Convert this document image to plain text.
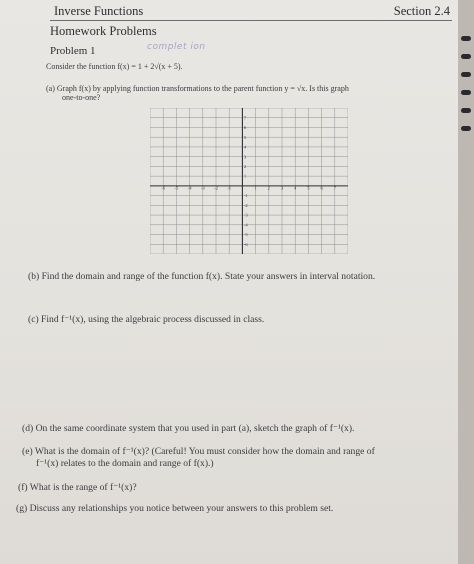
Inverse Functions	Section 2.4
Homework Problems
Problem 1	complet ion
Consider the function f(x) = 1 + 2√(x + 5).
(a) Graph f(x) by applying function transformations to the parent function y = √x. Is this graph
one-to-one?
-6 -5 -4 -3 -2 -1	1 2 3 4 5 6 7
7
6
5
4
3
2
1
-1
-2
-3
-4
-5
-6
(b) Find the domain and range of the function f(x). State your answers in interval notation.
(c) Find f⁻¹(x), using the algebraic process discussed in class.
(d) On the same coordinate system that you used in part (a), sketch the graph of f⁻¹(x).
(e) What is the domain of f⁻¹(x)? (Careful! You must consider how the domain and range of
f⁻¹(x) relates to the domain and range of f(x).)
(f) What is the range of f⁻¹(x)?
(g) Discuss any relationships you notice between your answers to this problem set.
